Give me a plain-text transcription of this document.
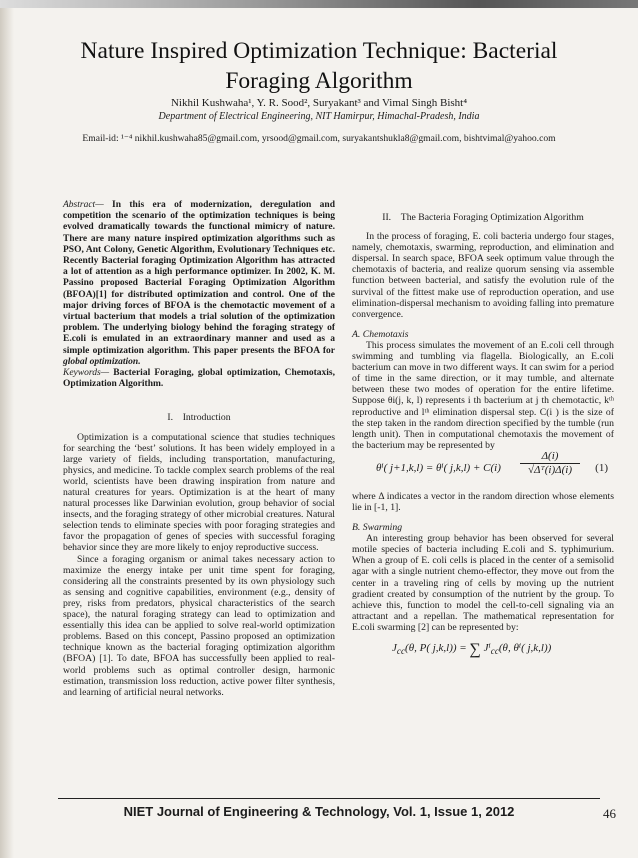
Nature Inspired Optimization Technique: Bacterial Foraging Algorithm
Nikhil Kushwaha¹, Y. R. Sood², Suryakant³ and Vimal Singh Bisht⁴
Department of Electrical Engineering, NIT Hamirpur, Himachal-Pradesh, India
Email-id: ¹⁻⁴ nikhil.kushwaha85@gmail.com, yrsood@gmail.com, suryakantshukla8@gmail.com, bishtvimal@yahoo.com

Abstract— In this era of modernization, deregulation and competition the scenario of the optimization techniques is being evolved dramatically towards the functional mimicry of nature. There are many nature inspired optimization algorithms such as PSO, Ant Colony, Genetic Algorithm, Evolutionary Techniques etc. Recently Bacterial foraging Optimization Algorithm has attracted a lot of attention as a high performance optimizer. In 2002, K. M. Passino proposed Bacterial Foraging Optimization Algorithm (BFOA)[1] for distributed optimization and control. One of the major driving forces of BFOA is the chemotactic movement of a virtual bacterium that models a trial solution of the optimization problem. The underlying biology behind the foraging strategy of E.coli is emulated in an extraordinary manner and used as a simple optimization algorithm. This paper presents the BFOA for global optimization.

Keywords— Bacterial Foraging, global optimization, Chemotaxis, Optimization Algorithm.

I. Introduction

Optimization is a computational science that studies techniques for searching the ‘best’ solutions. It has been widely employed in a large variety of fields, including transportation, manufacturing, physics, and medicine. To tackle complex search problems of the real world, scientists have been drawing inspiration from nature and natural creatures for years. Optimization is at the heart of many natural processes like Darwinian evolution, group behavior of social insects, and the foraging strategy of other microbial creatures. Natural selection tends to eliminate species with poor foraging strategies and favor the propagation of genes of species with successful foraging behavior since they are more likely to enjoy reproductive success.

Since a foraging organism or animal takes necessary action to maximize the energy intake per unit time spent for foraging, considering all the constraints presented by its own physiology such as sensing and cognitive capabilities, environment (e.g., density of prey, risks from predators, physical characteristics of the search space), the natural foraging strategy can lead to optimization and essentially this idea can be applied to solve real-world optimization problems. Based on this concept, Passino proposed an optimization technique known as the bacterial foraging optimization algorithm (BFOA) [1]. To date, BFOA has successfully been applied to real-world problems such as optimal controller design, harmonic estimation, transmission loss reduction, active power filter synthesis, and learning of artificial neural networks.

II. The Bacteria Foraging Optimization Algorithm

In the process of foraging, E. coli bacteria undergo four stages, namely, chemotaxis, swarming, reproduction, and elimination and dispersal. In search space, BFOA seek optimum value through the chemotaxis of bacteria, and realize quorum sensing via assemble function between bacterial, and satisfy the evolution rule of the survival of the fittest make use of reproduction operation, and use elimination-dispersal mechanism to avoiding falling into premature convergence.

A. Chemotaxis

This process simulates the movement of an E.coli cell through swimming and tumbling via flagella. Biologically, an E.coli bacterium can move in two different ways. It can swim for a period of time in the same direction, or it may tumble, and alternate between these two modes of operation for the entire lifetime. Suppose θi(j, k, l) represents i th bacterium at j th chemotactic, kᵗʰ reproductive and lᵗʰ elimination dispersal step. C(i ) is the size of the step taken in the random direction specified by the tumble (run length unit). Then in computational chemotaxis the movement of the bacterium may be represented by

θⁱ( j+1,k,l) = θⁱ( j,k,l) + C(i)
Δ(i)
√Δᵀ(i)Δ(i)	(1)

where Δ indicates a vector in the random direction whose elements lie in [-1, 1].

B. Swarming

An interesting group behavior has been observed for several motile species of bacteria including E.coli and S. typhimurium. When a group of E. coli cells is placed in the center of a semisolid agar with a single nutrient chemo-effector, they move out from the center in a traveling ring of cells by moving up the nutrient gradient created by consumption of the nutrient by the group. To achieve this, function to model the cell-to-cell signaling via an attractant and a repellan. The mathematical representation for E.coli swarming [2] can be represented by:

$J_{cc}(\theta$, P( j,k,l)) = ∑ Jⁱ$_{cc}$(θ, θⁱ( j,k,l))
NIET Journal of Engineering & Technology, Vol. 1, Issue 1, 2012	46
